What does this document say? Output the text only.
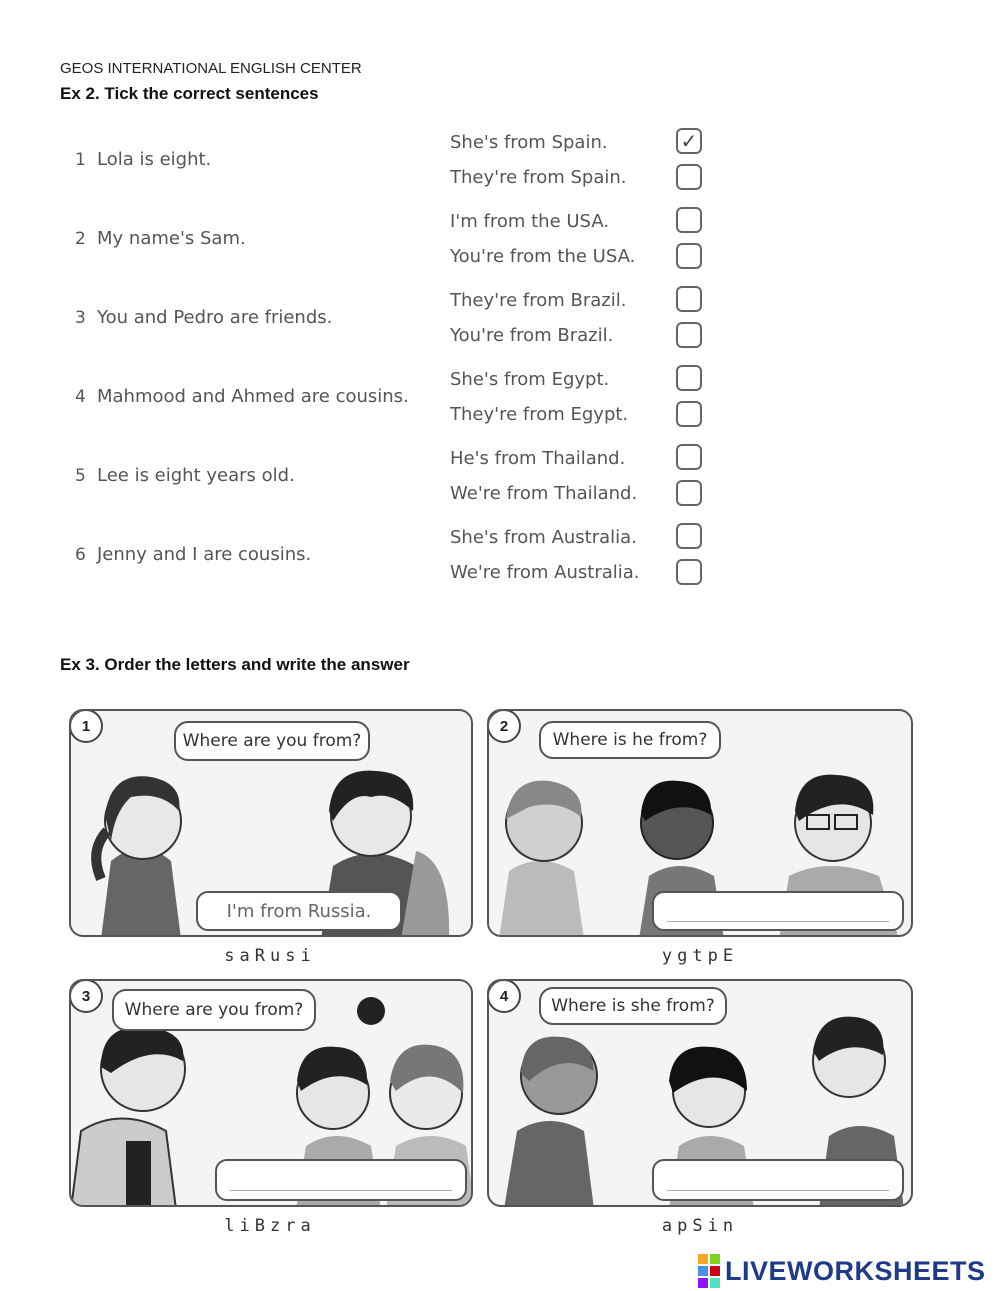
GEOS INTERNATIONAL ENGLISH CENTER
Ex 2. Tick the correct sentences
1 Lola is eight.
She's from Spain.
They're from Spain.
✓
2 My name's Sam.
I'm from the USA.
You're from the USA.
3 You and Pedro are friends.
They're from Brazil.
You're from Brazil.
4 Mahmood and Ahmed are cousins.
She's from Egypt.
They're from Egypt.
5 Lee is eight years old.
He's from Thailand.
We're from Thailand.
6 Jenny and I are cousins.
She's from Australia.
We're from Australia.
Ex 3. Order the letters and write the answer
1
Where are you from?
I'm from Russia.
saRusi
2
Where is he from?
ygtpE
3
Where are you from?
liBzra
4	Where is she from?
apSin
LIVEWORKSHEETS
